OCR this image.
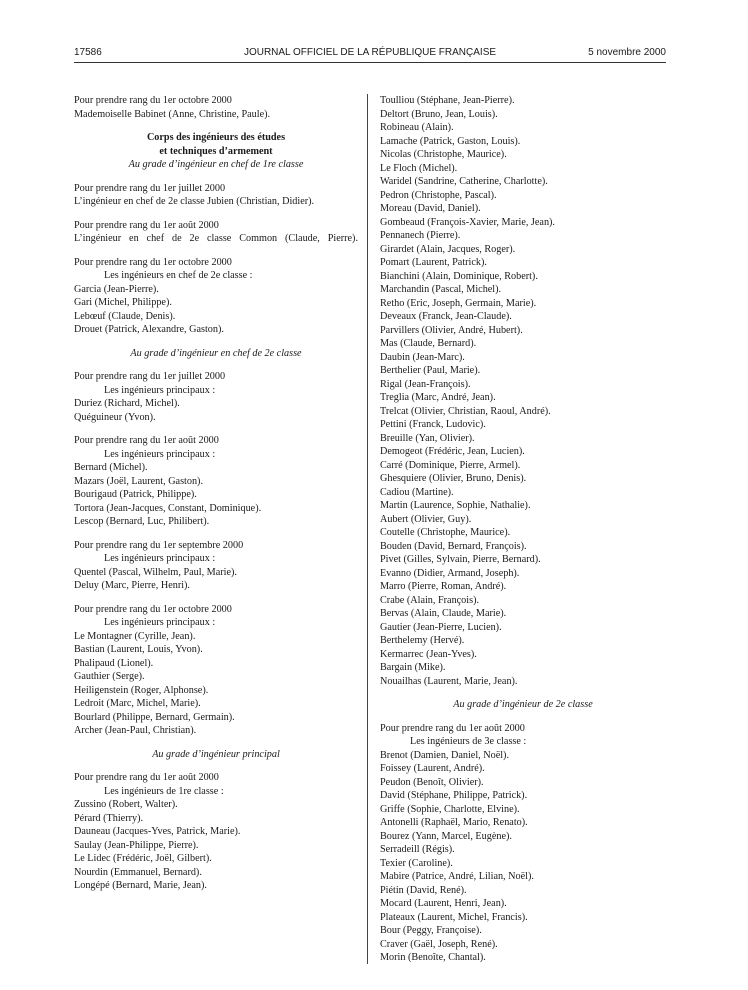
17586	JOURNAL OFFICIEL DE LA RÉPUBLIQUE FRANÇAISE	5 novembre 2000
Pour prendre rang du 1er octobre 2000
Mademoiselle Babinet (Anne, Christine, Paule).
Corps des ingénieurs des études
et techniques d’armement
Au grade d’ingénieur en chef de 1re classe
Pour prendre rang du 1er juillet 2000
L’ingénieur en chef de 2e classe Jubien (Christian, Didier).
Pour prendre rang du 1er août 2000
L’ingénieur en chef de 2e classe Common (Claude, Pierre).
Pour prendre rang du 1er octobre 2000
Les ingénieurs en chef de 2e classe :
Garcia (Jean-Pierre).
Gari (Michel, Philippe).
Lebœuf (Claude, Denis).
Drouet (Patrick, Alexandre, Gaston).
Au grade d’ingénieur en chef de 2e classe
Pour prendre rang du 1er juillet 2000
Les ingénieurs principaux :
Duriez (Richard, Michel).
Quéguineur (Yvon).
Pour prendre rang du 1er août 2000
Les ingénieurs principaux :
Bernard (Michel).
Mazars (Joël, Laurent, Gaston).
Bourigaud (Patrick, Philippe).
Tortora (Jean-Jacques, Constant, Dominique).
Lescop (Bernard, Luc, Philibert).
Pour prendre rang du 1er septembre 2000
Les ingénieurs principaux :
Quentel (Pascal, Wilhelm, Paul, Marie).
Deluy (Marc, Pierre, Henri).
Pour prendre rang du 1er octobre 2000
Les ingénieurs principaux :
Le Montagner (Cyrille, Jean).
Bastian (Laurent, Louis, Yvon).
Phalipaud (Lionel).
Gauthier (Serge).
Heiligenstein (Roger, Alphonse).
Ledroit (Marc, Michel, Marie).
Bourlard (Philippe, Bernard, Germain).
Archer (Jean-Paul, Christian).
Au grade d’ingénieur principal
Pour prendre rang du 1er août 2000
Les ingénieurs de 1re classe :
Zussino (Robert, Walter).
Pérard (Thierry).
Dauneau (Jacques-Yves, Patrick, Marie).
Saulay (Jean-Philippe, Pierre).
Le Lidec (Frédéric, Joël, Gilbert).
Nourdin (Emmanuel, Bernard).
Longépé (Bernard, Marie, Jean).
Toulliou (Stéphane, Jean-Pierre).
Deltort (Bruno, Jean, Louis).
Robineau (Alain).
Lamache (Patrick, Gaston, Louis).
Nicolas (Christophe, Maurice).
Le Floch (Michel).
Waridel (Sandrine, Catherine, Charlotte).
Pedron (Christophe, Pascal).
Moreau (David, Daniel).
Gombeaud (François-Xavier, Marie, Jean).
Pennanech (Pierre).
Girardet (Alain, Jacques, Roger).
Pomart (Laurent, Patrick).
Bianchini (Alain, Dominique, Robert).
Marchandin (Pascal, Michel).
Retho (Eric, Joseph, Germain, Marie).
Deveaux (Franck, Jean-Claude).
Parvillers (Olivier, André, Hubert).
Mas (Claude, Bernard).
Daubin (Jean-Marc).
Berthelier (Paul, Marie).
Rigal (Jean-François).
Treglia (Marc, André, Jean).
Trelcat (Olivier, Christian, Raoul, André).
Pettini (Franck, Ludovic).
Breuille (Yan, Olivier).
Demogeot (Frédéric, Jean, Lucien).
Carré (Dominique, Pierre, Armel).
Ghesquiere (Olivier, Bruno, Denis).
Cadiou (Martine).
Martin (Laurence, Sophie, Nathalie).
Aubert (Olivier, Guy).
Coutelle (Christophe, Maurice).
Bouden (David, Bernard, François).
Pivet (Gilles, Sylvain, Pierre, Bernard).
Evanno (Didier, Armand, Joseph).
Marro (Pierre, Roman, André).
Crabe (Alain, François).
Bervas (Alain, Claude, Marie).
Gautier (Jean-Pierre, Lucien).
Berthelemy (Hervé).
Kermarrec (Jean-Yves).
Bargain (Mike).
Nouailhas (Laurent, Marie, Jean).
Au grade d’ingénieur de 2e classe
Pour prendre rang du 1er août 2000
Les ingénieurs de 3e classe :
Brenot (Damien, Daniel, Noël).
Foissey (Laurent, André).
Peudon (Benoît, Olivier).
David (Stéphane, Philippe, Patrick).
Griffe (Sophie, Charlotte, Elvine).
Antonelli (Raphaël, Mario, Renato).
Bourez (Yann, Marcel, Eugène).
Serradeill (Régis).
Texier (Caroline).
Mabire (Patrice, André, Lilian, Noël).
Piétin (David, René).
Mocard (Laurent, Henri, Jean).
Plateaux (Laurent, Michel, Francis).
Bour (Peggy, Françoise).
Craver (Gaël, Joseph, René).
Morin (Benoîte, Chantal).
